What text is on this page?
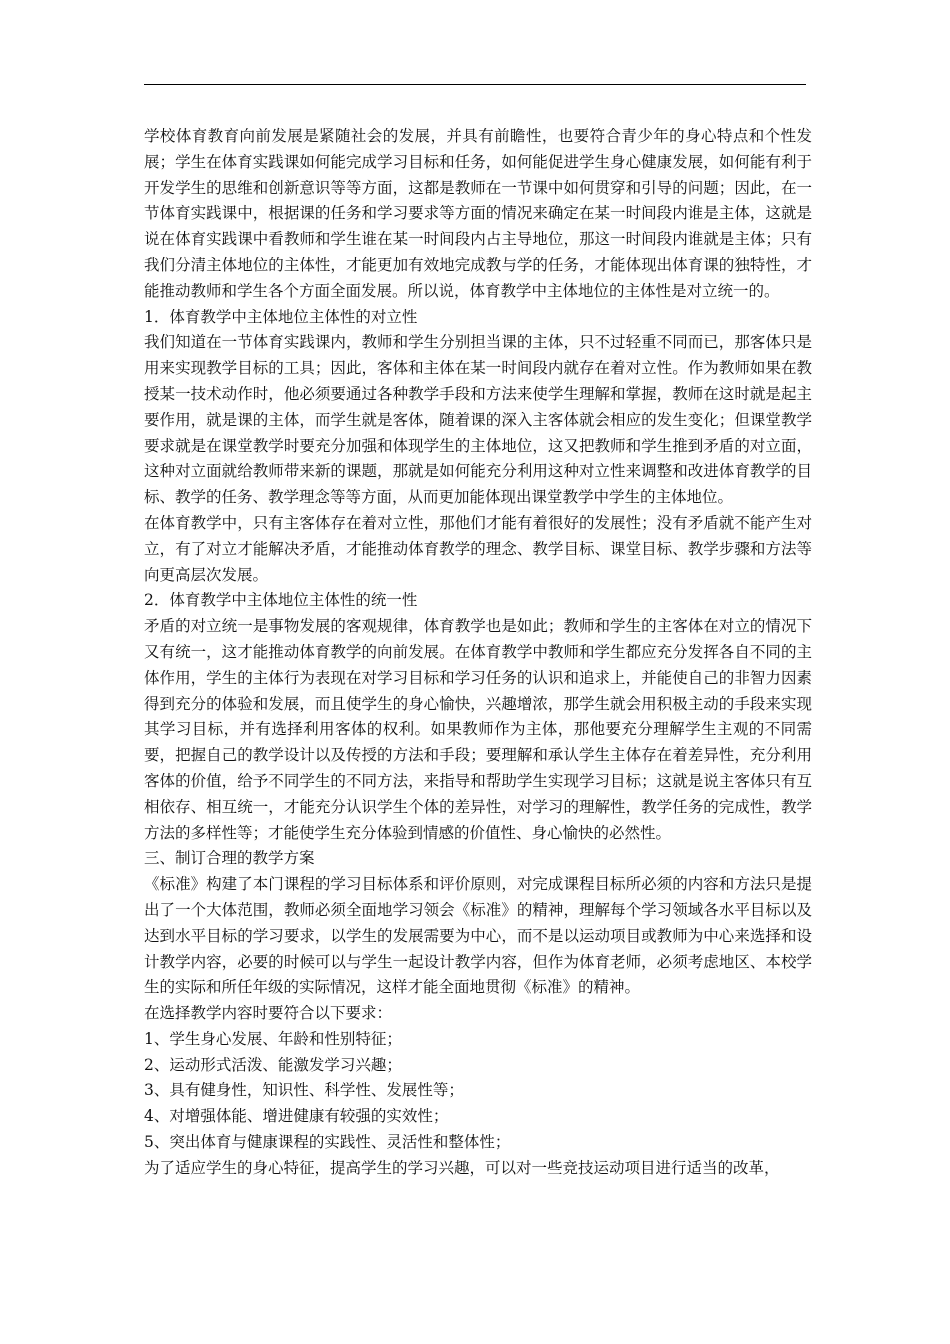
学校体育教育向前发展是紧随社会的发展，并具有前瞻性，也要符合青少年的身心特点和个性发展；学生在体育实践课如何能完成学习目标和任务，如何能促进学生身心健康发展，如何能有利于开发学生的思维和创新意识等等方面，这都是教师在一节课中如何贯穿和引导的问题；因此，在一节体育实践课中，根据课的任务和学习要求等方面的情况来确定在某一时间段内谁是主体，这就是说在体育实践课中看教师和学生谁在某一时间段内占主导地位，那这一时间段内谁就是主体；只有我们分清主体地位的主体性，才能更加有效地完成教与学的任务，才能体现出体育课的独特性，才能推动教师和学生各个方面全面发展。所以说，体育教学中主体地位的主体性是对立统一的。

1．体育教学中主体地位主体性的对立性

我们知道在一节体育实践课内，教师和学生分别担当课的主体，只不过轻重不同而已，那客体只是用来实现教学目标的工具；因此，客体和主体在某一时间段内就存在着对立性。作为教师如果在教授某一技术动作时，他必须要通过各种教学手段和方法来使学生理解和掌握，教师在这时就是起主要作用，就是课的主体，而学生就是客体，随着课的深入主客体就会相应的发生变化；但课堂教学要求就是在课堂教学时要充分加强和体现学生的主体地位，这又把教师和学生推到矛盾的对立面，这种对立面就给教师带来新的课题，那就是如何能充分利用这种对立性来调整和改进体育教学的目标、教学的任务、教学理念等等方面，从而更加能体现出课堂教学中学生的主体地位。

在体育教学中，只有主客体存在着对立性，那他们才能有着很好的发展性；没有矛盾就不能产生对立，有了对立才能解决矛盾，才能推动体育教学的理念、教学目标、课堂目标、教学步骤和方法等向更高层次发展。

2．体育教学中主体地位主体性的统一性

矛盾的对立统一是事物发展的客观规律，体育教学也是如此；教师和学生的主客体在对立的情况下又有统一，这才能推动体育教学的向前发展。在体育教学中教师和学生都应充分发挥各自不同的主体作用，学生的主体行为表现在对学习目标和学习任务的认识和追求上，并能使自己的非智力因素得到充分的体验和发展，而且使学生的身心愉快，兴趣增浓，那学生就会用积极主动的手段来实现其学习目标，并有选择利用客体的权利。如果教师作为主体，那他要充分理解学生主观的不同需要，把握自己的教学设计以及传授的方法和手段；要理解和承认学生主体存在着差异性，充分利用客体的价值，给予不同学生的不同方法，来指导和帮助学生实现学习目标；这就是说主客体只有互相依存、相互统一，才能充分认识学生个体的差异性，对学习的理解性，教学任务的完成性，教学方法的多样性等；才能使学生充分体验到情感的价值性、身心愉快的必然性。

三、制订合理的教学方案

《标准》构建了本门课程的学习目标体系和评价原则，对完成课程目标所必须的内容和方法只是提出了一个大体范围，教师必须全面地学习领会《标准》的精神，理解每个学习领域各水平目标以及达到水平目标的学习要求，以学生的发展需要为中心，而不是以运动项目或教师为中心来选择和设计教学内容，必要的时候可以与学生一起设计教学内容，但作为体育老师，必须考虑地区、本校学生的实际和所任年级的实际情况，这样才能全面地贯彻《标准》的精神。

在选择教学内容时要符合以下要求：

1、学生身心发展、年龄和性别特征；

2、运动形式活泼、能激发学习兴趣；

3、具有健身性，知识性、科学性、发展性等；

4、对增强体能、增进健康有较强的实效性；

5、突出体育与健康课程的实践性、灵活性和整体性；

为了适应学生的身心特征，提高学生的学习兴趣，可以对一些竞技运动项目进行适当的改革，
